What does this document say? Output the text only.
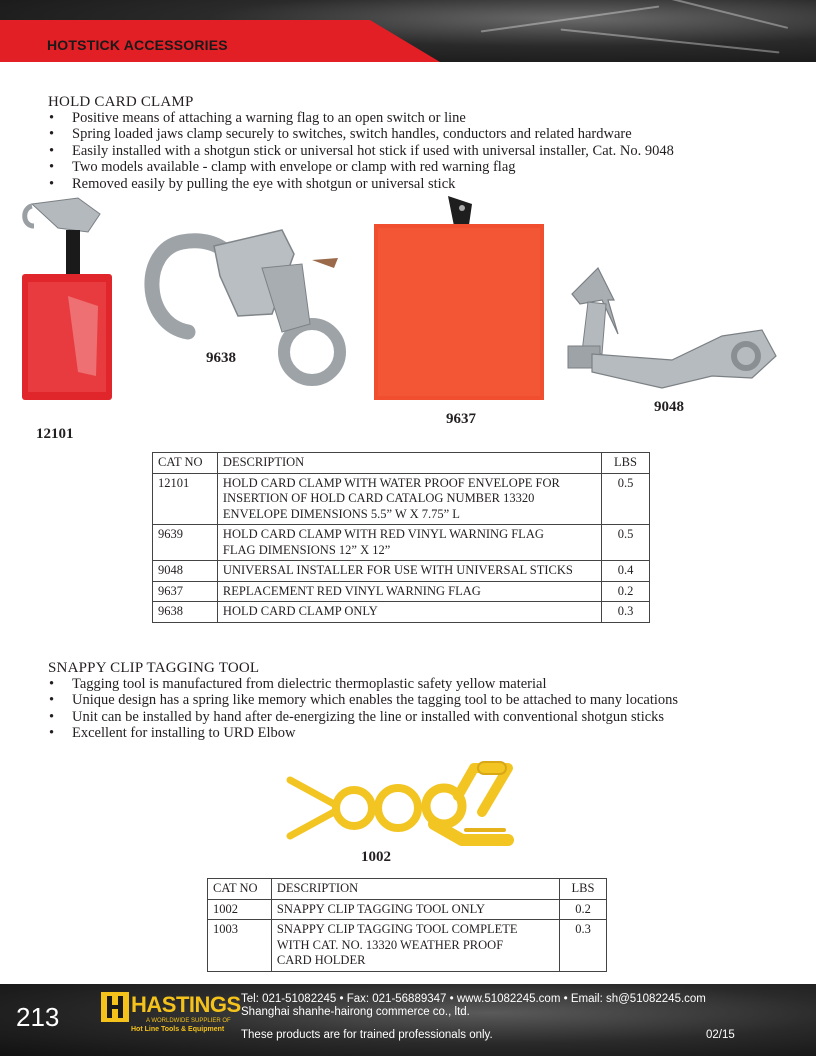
HOTSTICK ACCESSORIES
HOLD CARD CLAMP
• Positive means of attaching a warning flag to an open switch or line
• Spring loaded jaws clamp securely to switches, switch handles, conductors and related hardware
• Easily installed with a shotgun stick or universal hot stick if used with universal installer, Cat. No. 9048
• Two models available - clamp with envelope or clamp with red warning flag
• Removed easily by pulling the eye with shotgun or universal stick
12101
9638
9637
9048
CAT NO	DESCRIPTION	LBS
12101	HOLD CARD CLAMP WITH WATER PROOF ENVELOPE FOR
INSERTION OF HOLD CARD CATALOG NUMBER 13320
ENVELOPE DIMENSIONS 5.5” W X 7.75” L	0.5
9639	HOLD CARD CLAMP WITH RED VINYL WARNING FLAG
FLAG DIMENSIONS 12” X 12”	0.5
9048	UNIVERSAL INSTALLER FOR USE WITH UNIVERSAL STICKS	0.4
9637	REPLACEMENT RED VINYL WARNING FLAG	0.2
9638	HOLD CARD CLAMP ONLY	0.3
SNAPPY CLIP TAGGING TOOL
• Tagging tool is manufactured from dielectric thermoplastic safety yellow material
• Unique design has a spring like memory which enables the tagging tool to be attached to many locations
• Unit can be installed by hand after de-energizing the line or installed with conventional shotgun sticks
• Excellent for installing to URD Elbow
1002
CAT NO	DESCRIPTION	LBS
1002	SNAPPY CLIP TAGGING TOOL ONLY	0.2
1003	SNAPPY CLIP TAGGING TOOL COMPLETE
WITH CAT. NO. 13320 WEATHER PROOF
CARD HOLDER	0.3
213	HASTINGS
A WORLDWIDE SUPPLIER OF
Hot Line Tools & Equipment
Tel: 021-51082245 • Fax: 021-56889347 • www.51082245.com • Email: sh@51082245.com
Shanghai shanhe-hairong commerce co., ltd.
These products are for trained professionals only.	02/15
